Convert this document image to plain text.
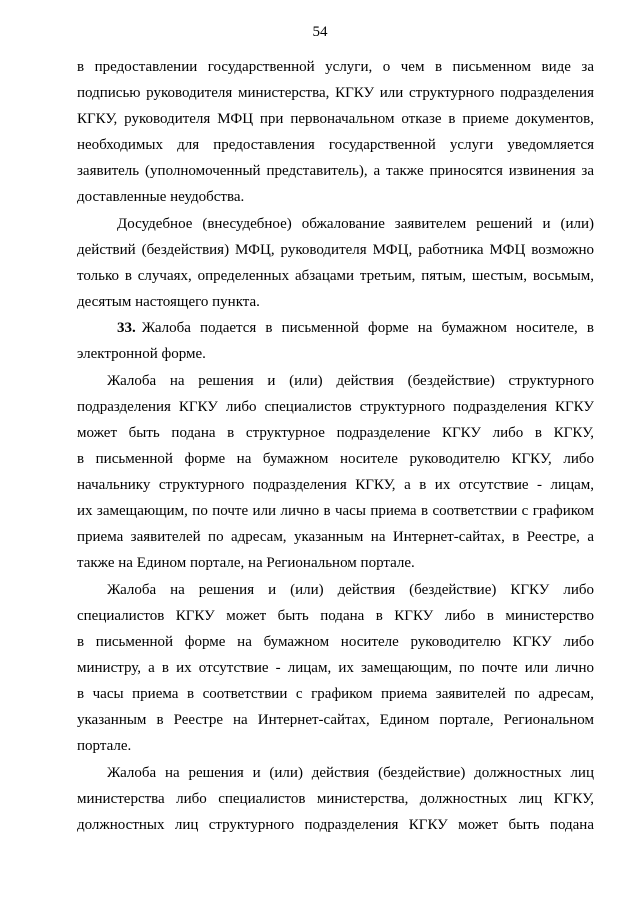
54
в предоставлении государственной услуги, о чем в письменном виде за
подписью руководителя министерства, КГКУ или структурного подразделения
КГКУ, руководителя МФЦ при первоначальном отказе в приеме документов,
необходимых для предоставления государственной услуги уведомляется
заявитель (уполномоченный представитель), а также приносятся извинения за
доставленные неудобства.
Досудебное (внесудебное) обжалование заявителем решений и (или)
действий (бездействия) МФЦ, руководителя МФЦ, работника МФЦ возможно
только в случаях, определенных абзацами третьим, пятым, шестым, восьмым,
десятым настоящего пункта.
33. Жалоба подается в письменной форме на бумажном носителе, в
электронной форме.
Жалоба на решения и (или) действия (бездействие) структурного
подразделения КГКУ либо специалистов структурного подразделения КГКУ
может быть подана в структурное подразделение КГКУ либо в КГКУ,
в письменной форме на бумажном носителе руководителю КГКУ, либо
начальнику структурного подразделения КГКУ, а в их отсутствие - лицам,
их замещающим, по почте или лично в часы приема в соответствии с графиком
приема заявителей по адресам, указанным на Интернет-сайтах, в Реестре, а
также на Едином портале, на Региональном портале.
Жалоба на решения и (или) действия (бездействие) КГКУ либо
специалистов КГКУ может быть подана в КГКУ либо в министерство
в письменной форме на бумажном носителе руководителю КГКУ либо
министру, а в их отсутствие - лицам, их замещающим, по почте или лично
в часы приема в соответствии с графиком приема заявителей по адресам,
указанным в Реестре на Интернет-сайтах, Едином портале, Региональном
портале.
Жалоба на решения и (или) действия (бездействие) должностных лиц
министерства либо специалистов министерства, должностных лиц КГКУ,
должностных лиц структурного подразделения КГКУ может быть подана
